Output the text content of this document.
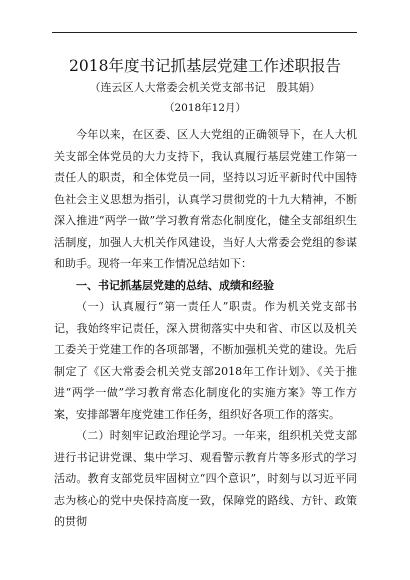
2018年度书记抓基层党建工作述职报告
（连云区人大常委会机关党支部书记　殷其娟）
（2018年12月）

今年以来，在区委、区人大党组的正确领导下，在人大机关支部全体党员的大力支持下，我认真履行基层党建工作第一责任人的职责，和全体党员一同，坚持以习近平新时代中国特色社会主义思想为指引，认真学习贯彻党的十九大精神，不断深入推进“两学一做”学习教育常态化制度化，健全支部组织生活制度，加强人大机关作风建设，当好人大常委会党组的参谋和助手。现将一年来工作情况总结如下：

一、书记抓基层党建的总结、成绩和经验

（一）认真履行“第一责任人”职责。作为机关党支部书记，我始终牢记责任，深入贯彻落实中央和省、市区以及机关工委关于党建工作的各项部署，不断加强机关党的建设。先后制定了《区大常委会机关党支部2018年工作计划》、《关于推进“两学一做”学习教育常态化制度化的实施方案》等工作方案，安排部署年度党建工作任务，组织好各项工作的落实。

（二）时刻牢记政治理论学习。一年来，组织机关党支部进行书记讲党课、集中学习、观看警示教育片等多形式的学习活动。教育支部党员牢固树立“四个意识”，时刻与以习近平同志为核心的党中央保持高度一致，保障党的路线、方针、政策的贯彻
